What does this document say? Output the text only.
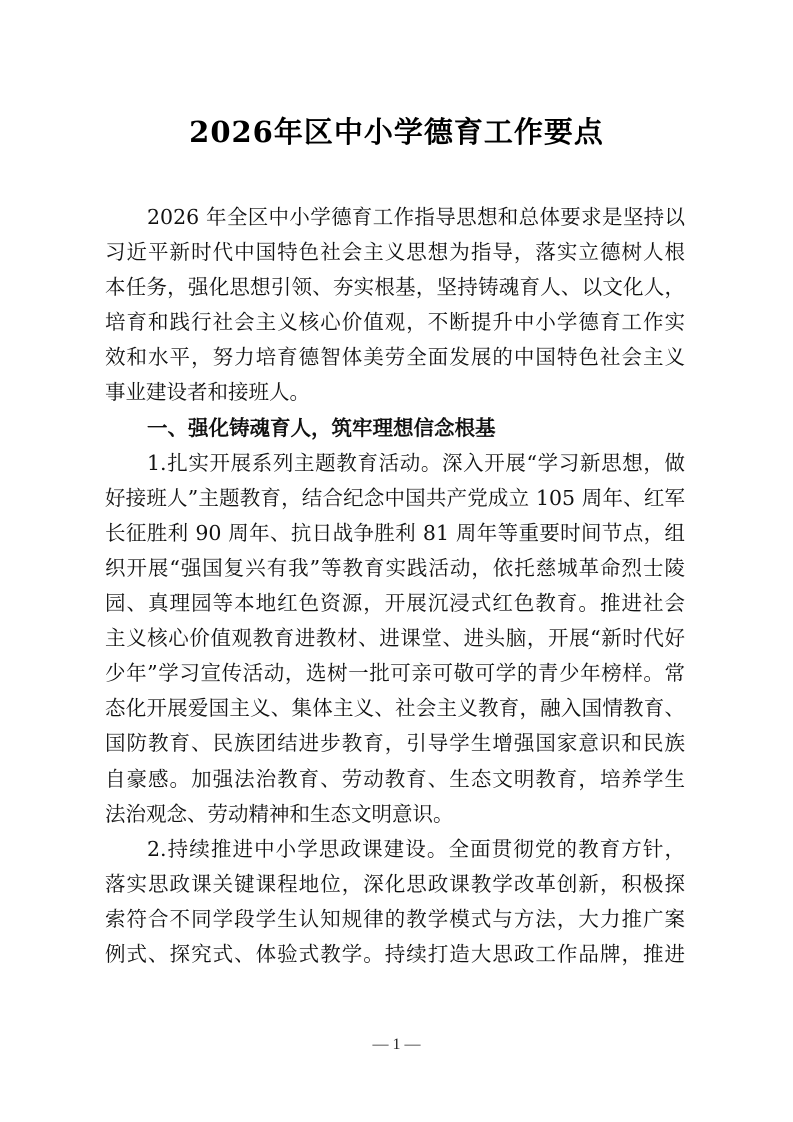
2026年区中小学德育工作要点
2026 年全区中小学德育工作指导思想和总体要求是坚持以
习近平新时代中国特色社会主义思想为指导，落实立德树人根
本任务，强化思想引领、夯实根基，坚持铸魂育人、以文化人，
培育和践行社会主义核心价值观，不断提升中小学德育工作实
效和水平，努力培育德智体美劳全面发展的中国特色社会主义
事业建设者和接班人。
一、强化铸魂育人，筑牢理想信念根基
1.扎实开展系列主题教育活动。深入开展“学习新思想，做
好接班人”主题教育，结合纪念中国共产党成立 105 周年、红军
长征胜利 90 周年、抗日战争胜利 81 周年等重要时间节点，组
织开展“强国复兴有我”等教育实践活动，依托慈城革命烈士陵
园、真理园等本地红色资源，开展沉浸式红色教育。推进社会
主义核心价值观教育进教材、进课堂、进头脑，开展“新时代好
少年”学习宣传活动，选树一批可亲可敬可学的青少年榜样。常
态化开展爱国主义、集体主义、社会主义教育，融入国情教育、
国防教育、民族团结进步教育，引导学生增强国家意识和民族
自豪感。加强法治教育、劳动教育、生态文明教育，培养学生
法治观念、劳动精神和生态文明意识。
2.持续推进中小学思政课建设。全面贯彻党的教育方针，
落实思政课关键课程地位，深化思政课教学改革创新，积极探
索符合不同学段学生认知规律的教学模式与方法，大力推广案
例式、探究式、体验式教学。持续打造大思政工作品牌，推进
— 1 —
